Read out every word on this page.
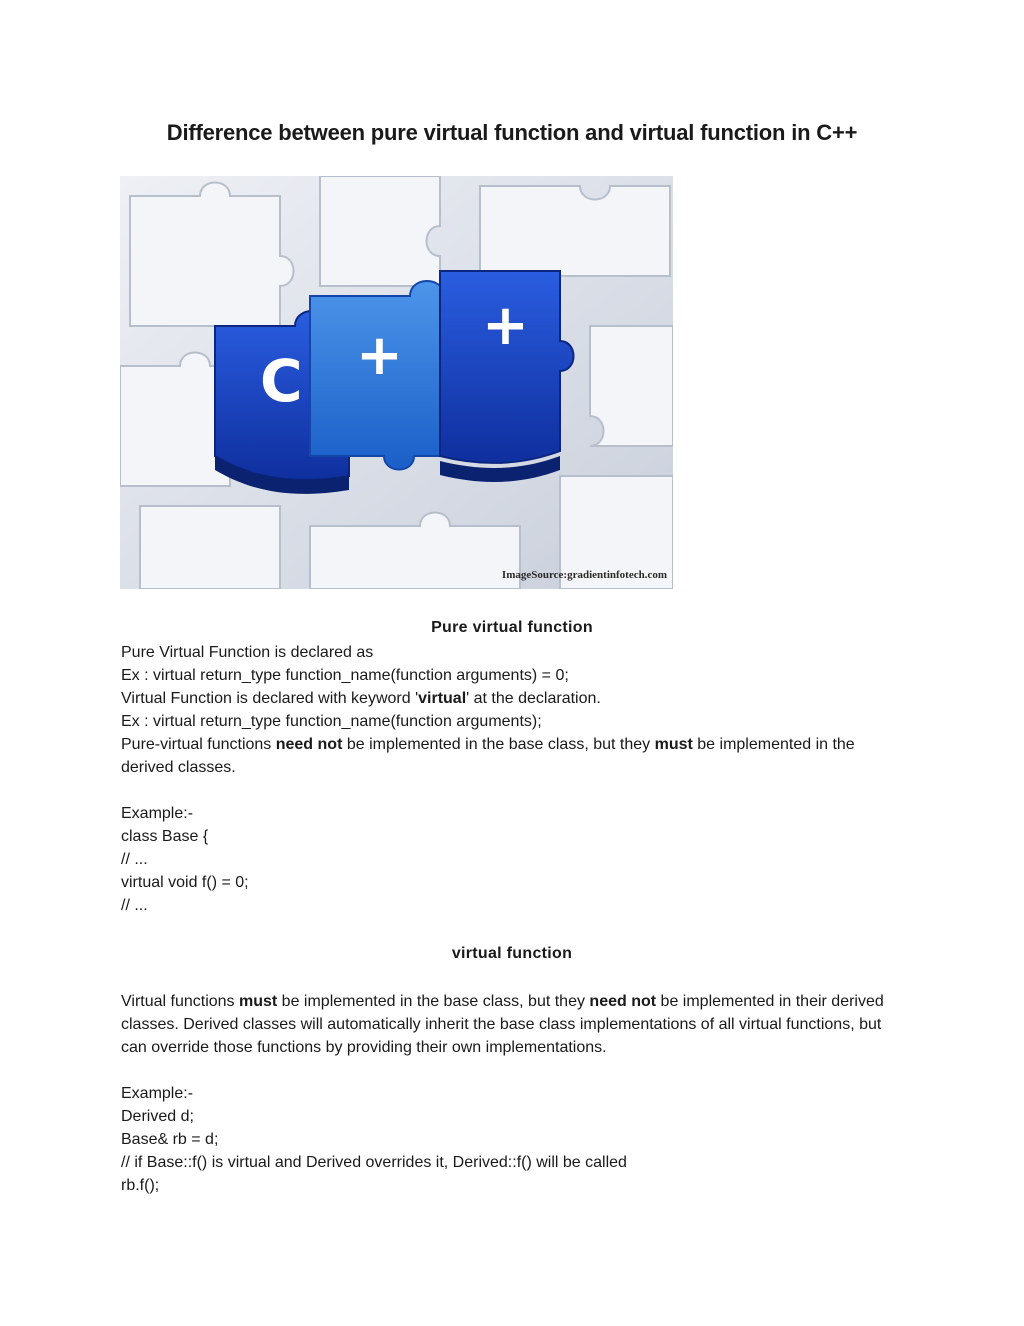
Difference between pure virtual function and virtual function in C++
C + +
ImageSource:gradientinfotech.com
Pure virtual function
Pure Virtual Function is declared as
Ex : virtual return_type function_name(function arguments) = 0;
Virtual Function is declared with keyword 'virtual' at the declaration.
Ex : virtual return_type function_name(function arguments);
Pure-virtual functions need not be implemented in the base class, but they must be implemented in the derived classes.
Example:-
class Base {
// ...
virtual void f() = 0;
// ...
virtual function
Virtual functions must be implemented in the base class, but they need not be implemented in their derived classes. Derived classes will automatically inherit the base class implementations of all virtual functions, but can override those functions by providing their own implementations.
Example:-
Derived d;
Base& rb = d;
// if Base::f() is virtual and Derived overrides it, Derived::f() will be called
rb.f();
